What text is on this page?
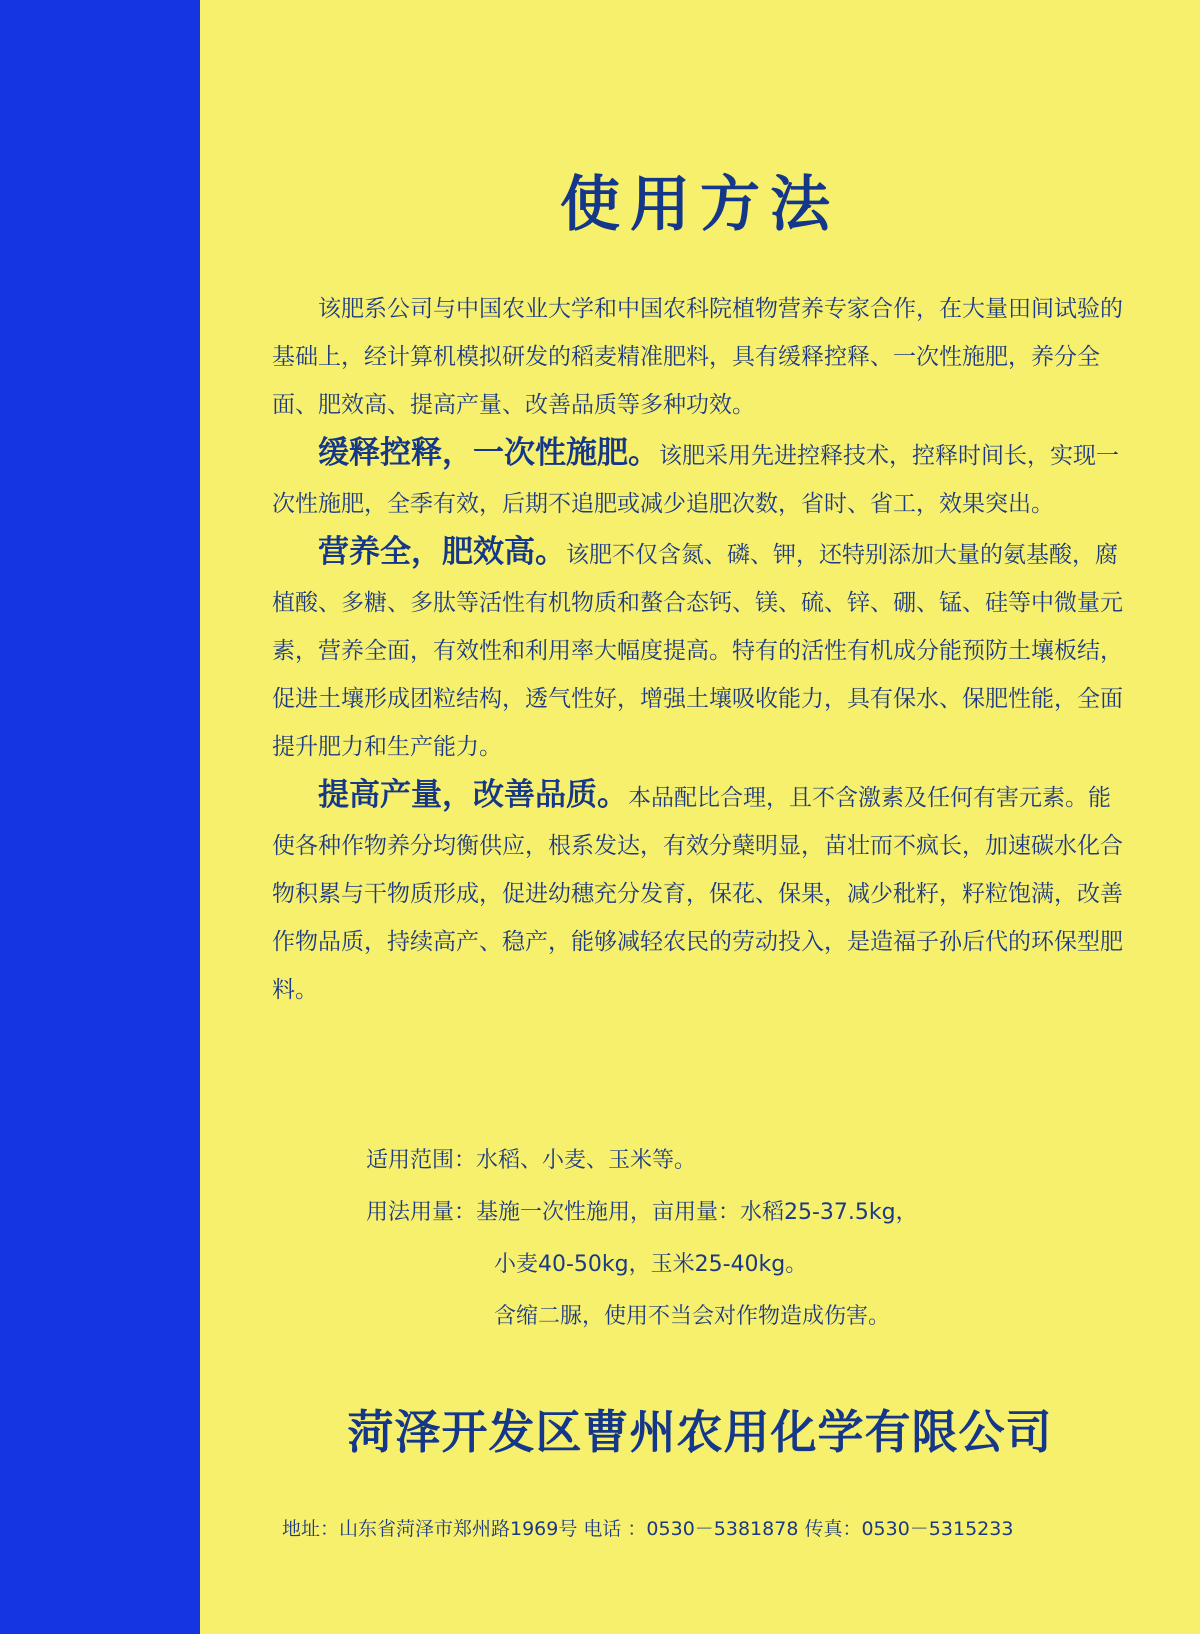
使用方法

该肥系公司与中国农业大学和中国农科院植物营养专家合作，在大量田间试验的基础上，经计算机模拟研发的稻麦精准肥料，具有缓释控释、一次性施肥，养分全面、肥效高、提高产量、改善品质等多种功效。

缓释控释，一次性施肥。该肥采用先进控释技术，控释时间长，实现一次性施肥，全季有效，后期不追肥或减少追肥次数，省时、省工，效果突出。

营养全，肥效高。该肥不仅含氮、磷、钾，还特别添加大量的氨基酸，腐植酸、多糖、多肽等活性有机物质和螯合态钙、镁、硫、锌、硼、锰、硅等中微量元素，营养全面，有效性和利用率大幅度提高。特有的活性有机成分能预防土壤板结，促进土壤形成团粒结构，透气性好，增强土壤吸收能力，具有保水、保肥性能，全面提升肥力和生产能力。

提高产量，改善品质。本品配比合理，且不含激素及任何有害元素。能使各种作物养分均衡供应，根系发达，有效分蘖明显，苗壮而不疯长，加速碳水化合物积累与干物质形成，促进幼穗充分发育，保花、保果，减少秕籽，籽粒饱满，改善作物品质，持续高产、稳产，能够减轻农民的劳动投入，是造福子孙后代的环保型肥料。

适用范围：水稻、小麦、玉米等。
用法用量：基施一次性施用，亩用量：水稻25-37.5kg，
小麦40-50kg，玉米25-40kg。
含缩二脲，使用不当会对作物造成伤害。
菏泽开发区曹州农用化学有限公司
地址：山东省菏泽市郑州路1969号 电话 ：0530－5381878 传真：0530－5315233
